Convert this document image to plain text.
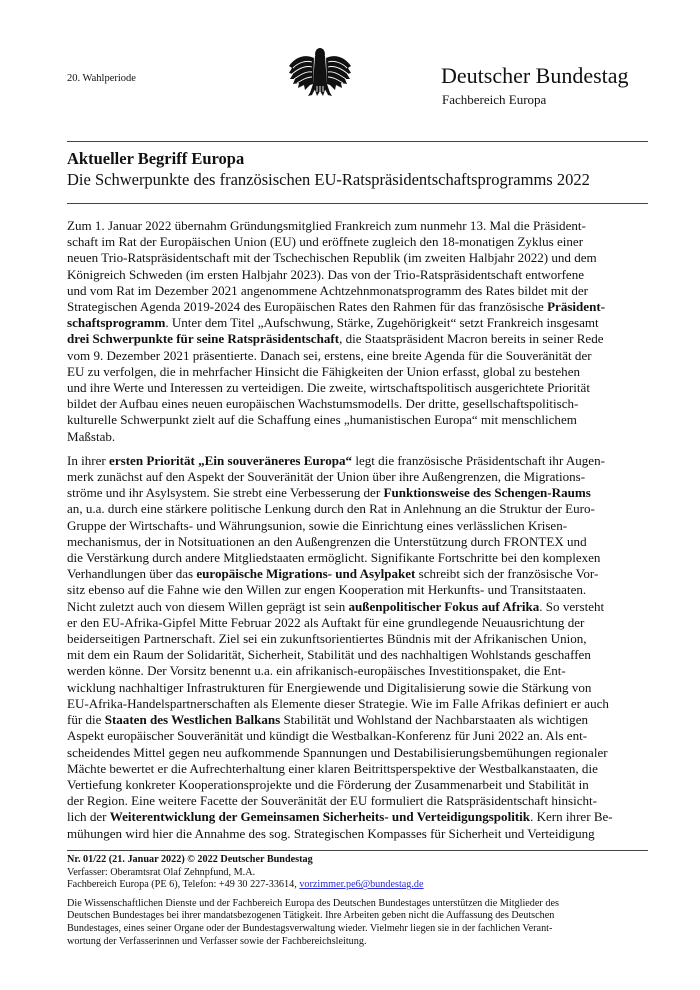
20. Wahlperiode	Deutscher Bundestag
Fachbereich Europa
Aktueller Begriff Europa
Die Schwerpunkte des französischen EU-Ratspräsidentschaftsprogramms 2022

Zum 1. Januar 2022 übernahm Gründungsmitglied Frankreich zum nunmehr 13. Mal die Präsident-
schaft im Rat der Europäischen Union (EU) und eröffnete zugleich den 18-monatigen Zyklus einer
neuen Trio-Ratspräsidentschaft mit der Tschechischen Republik (im zweiten Halbjahr 2022) und dem
Königreich Schweden (im ersten Halbjahr 2023). Das von der Trio-Ratspräsidentschaft entworfene
und vom Rat im Dezember 2021 angenommene Achtzehnmonatsprogramm des Rates bildet mit der
Strategischen Agenda 2019-2024 des Europäischen Rates den Rahmen für das französische Präsident-
schaftsprogramm. Unter dem Titel „Aufschwung, Stärke, Zugehörigkeit“ setzt Frankreich insgesamt
drei Schwerpunkte für seine Ratspräsidentschaft, die Staatspräsident Macron bereits in seiner Rede
vom 9. Dezember 2021 präsentierte. Danach sei, erstens, eine breite Agenda für die Souveränität der
EU zu verfolgen, die in mehrfacher Hinsicht die Fähigkeiten der Union erfasst, global zu bestehen
und ihre Werte und Interessen zu verteidigen. Die zweite, wirtschaftspolitisch ausgerichtete Priorität
bildet der Aufbau eines neuen europäischen Wachstumsmodells. Der dritte, gesellschaftspolitisch-
kulturelle Schwerpunkt zielt auf die Schaffung eines „humanistischen Europa“ mit menschlichem
Maßstab.

In ihrer ersten Priorität „Ein souveräneres Europa“ legt die französische Präsidentschaft ihr Augen-
merk zunächst auf den Aspekt der Souveränität der Union über ihre Außengrenzen, die Migrations-
ströme und ihr Asylsystem. Sie strebt eine Verbesserung der Funktionsweise des Schengen-Raums
an, u.a. durch eine stärkere politische Lenkung durch den Rat in Anlehnung an die Struktur der Euro-
Gruppe der Wirtschafts- und Währungsunion, sowie die Einrichtung eines verlässlichen Krisen-
mechanismus, der in Notsituationen an den Außengrenzen die Unterstützung durch FRONTEX und
die Verstärkung durch andere Mitgliedstaaten ermöglicht. Signifikante Fortschritte bei den komplexen
Verhandlungen über das europäische Migrations- und Asylpaket schreibt sich der französische Vor-
sitz ebenso auf die Fahne wie den Willen zur engen Kooperation mit Herkunfts- und Transitstaaten.
Nicht zuletzt auch von diesem Willen geprägt ist sein außenpolitischer Fokus auf Afrika. So versteht
er den EU-Afrika-Gipfel Mitte Februar 2022 als Auftakt für eine grundlegende Neuausrichtung der
beiderseitigen Partnerschaft. Ziel sei ein zukunftsorientiertes Bündnis mit der Afrikanischen Union,
mit dem ein Raum der Solidarität, Sicherheit, Stabilität und des nachhaltigen Wohlstands geschaffen
werden könne. Der Vorsitz benennt u.a. ein afrikanisch-europäisches Investitionspaket, die Ent-
wicklung nachhaltiger Infrastrukturen für Energiewende und Digitalisierung sowie die Stärkung von
EU-Afrika-Handelspartnerschaften als Elemente dieser Strategie. Wie im Falle Afrikas definiert er auch
für die Staaten des Westlichen Balkans Stabilität und Wohlstand der Nachbarstaaten als wichtigen
Aspekt europäischer Souveränität und kündigt die Westbalkan-Konferenz für Juni 2022 an. Als ent-
scheidendes Mittel gegen neu aufkommende Spannungen und Destabilisierungsbemühungen regionaler
Mächte bewertet er die Aufrechterhaltung einer klaren Beitrittsperspektive der Westbalkanstaaten, die
Vertiefung konkreter Kooperationsprojekte und die Förderung der Zusammenarbeit und Stabilität in
der Region. Eine weitere Facette der Souveränität der EU formuliert die Ratspräsidentschaft hinsicht-
lich der Weiterentwicklung der Gemeinsamen Sicherheits- und Verteidigungspolitik. Kern ihrer Be-
mühungen wird hier die Annahme des sog. Strategischen Kompasses für Sicherheit und Verteidigung

Nr. 01/22 (21. Januar 2022) © 2022 Deutscher Bundestag
Verfasser: Oberamtsrat Olaf Zehnpfund, M.A.
Fachbereich Europa (PE 6), Telefon: +49 30 227-33614, vorzimmer.pe6@bundestag.de
Die Wissenschaftlichen Dienste und der Fachbereich Europa des Deutschen Bundestages unterstützen die Mitglieder des
Deutschen Bundestages bei ihrer mandatsbezogenen Tätigkeit. Ihre Arbeiten geben nicht die Auffassung des Deutschen
Bundestages, eines seiner Organe oder der Bundestagsverwaltung wieder. Vielmehr liegen sie in der fachlichen Verant-
wortung der Verfasserinnen und Verfasser sowie der Fachbereichsleitung.
